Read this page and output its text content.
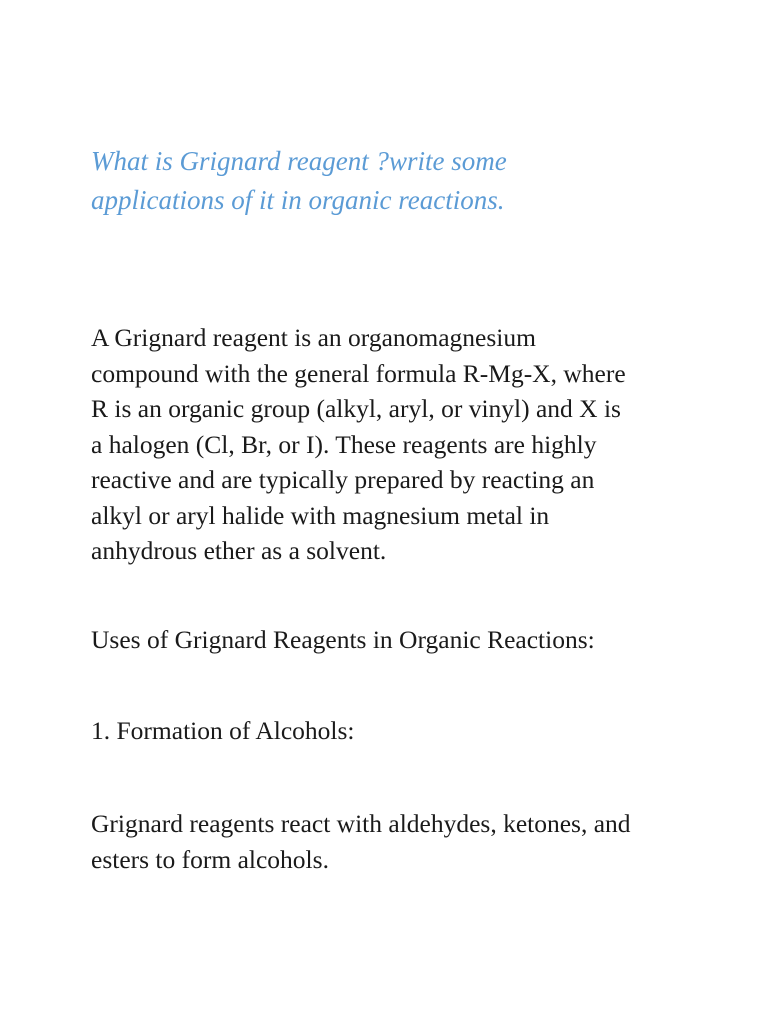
What is Grignard reagent ?write some
applications of it in organic reactions.

A Grignard reagent is an organomagnesium
compound with the general formula R-Mg-X, where
R is an organic group (alkyl, aryl, or vinyl) and X is
a halogen (Cl, Br, or I). These reagents are highly
reactive and are typically prepared by reacting an
alkyl or aryl halide with magnesium metal in
anhydrous ether as a solvent.

Uses of Grignard Reagents in Organic Reactions:

1. Formation of Alcohols:

Grignard reagents react with aldehydes, ketones, and
esters to form alcohols.
